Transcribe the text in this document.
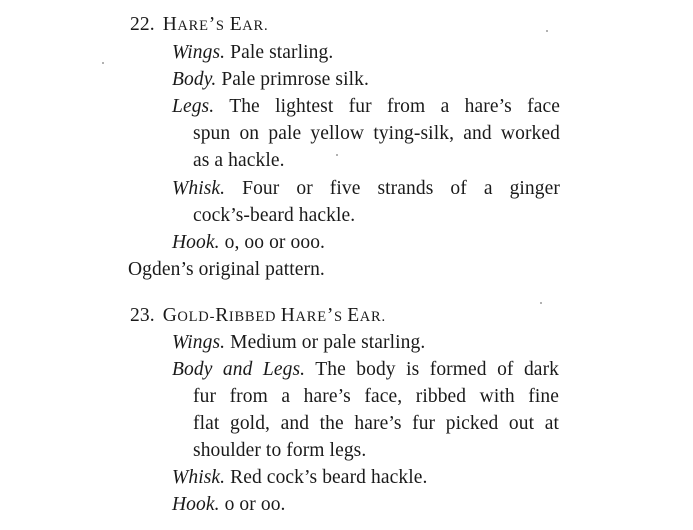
22. HARE’S EAR.
Wings. Pale starling.
Body. Pale primrose silk.
Legs. The lightest fur from a hare’s face
spun on pale yellow tying-silk, and worked
as a hackle.
Whisk. Four or five strands of a ginger
cock’s-beard hackle.
Hook. o, oo or ooo.
Ogden’s original pattern.
23. GOLD-RIBBED HARE’S EAR.
Wings. Medium or pale starling.
Body and Legs. The body is formed of dark
fur from a hare’s face, ribbed with fine
flat gold, and the hare’s fur picked out at
shoulder to form legs.
Whisk. Red cock’s beard hackle.
Hook. o or oo.
